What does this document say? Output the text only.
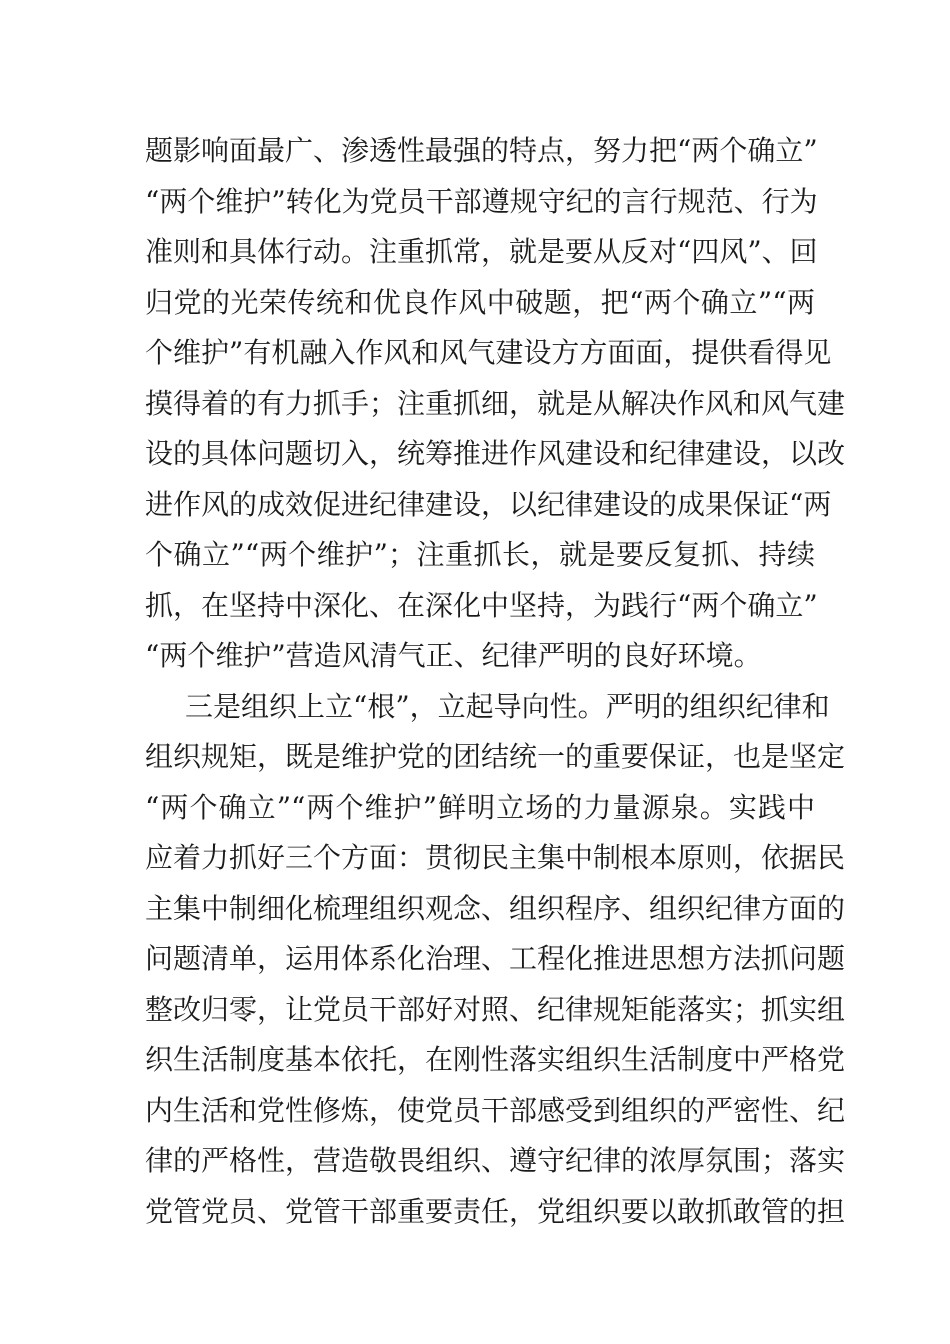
题影响面最广、渗透性最强的特点，努力把“两个确立”
“两个维护”转化为党员干部遵规守纪的言行规范、行为
准则和具体行动。注重抓常，就是要从反对“四风”、回
归党的光荣传统和优良作风中破题，把“两个确立”“两
个维护”有机融入作风和风气建设方方面面，提供看得见
摸得着的有力抓手；注重抓细，就是从解决作风和风气建
设的具体问题切入，统筹推进作风建设和纪律建设，以改
进作风的成效促进纪律建设，以纪律建设的成果保证“两
个确立”“两个维护”；注重抓长，就是要反复抓、持续
抓，在坚持中深化、在深化中坚持，为践行“两个确立”
“两个维护”营造风清气正、纪律严明的良好环境。
三是组织上立“根”，立起导向性。严明的组织纪律和
组织规矩，既是维护党的团结统一的重要保证，也是坚定
“两个确立”“两个维护”鲜明立场的力量源泉。实践中
应着力抓好三个方面：贯彻民主集中制根本原则，依据民
主集中制细化梳理组织观念、组织程序、组织纪律方面的
问题清单，运用体系化治理、工程化推进思想方法抓问题
整改归零，让党员干部好对照、纪律规矩能落实；抓实组
织生活制度基本依托，在刚性落实组织生活制度中严格党
内生活和党性修炼，使党员干部感受到组织的严密性、纪
律的严格性，营造敬畏组织、遵守纪律的浓厚氛围；落实
党管党员、党管干部重要责任，党组织要以敢抓敢管的担
